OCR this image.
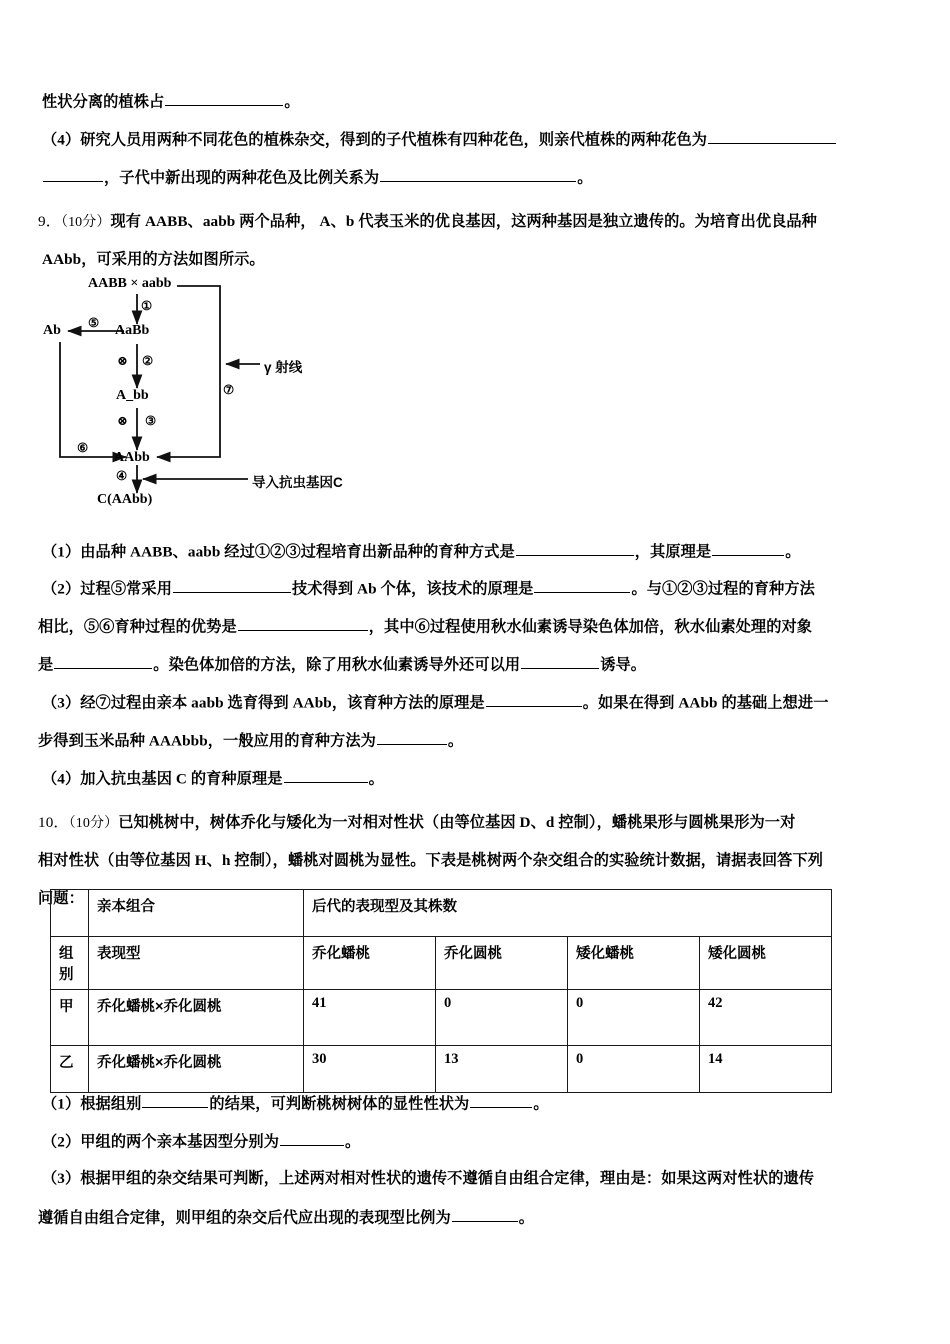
性状分离的植株占	。
（4）研究人员用两种不同花色的植株杂交，得到的子代植株有四种花色，则亲代植株的两种花色为
，子代中新出现的两种花色及比例关系为	。
9．（10分）现有 AABB、aabb 两个品种， A、b 代表玉米的优良基因，这两种基因是独立遗传的。为培育出优良品种
AAbb，可采用的方法如图所示。
AABB × aabb
AaBb
Ab
A_bb
AAbb
C(AAbb)
①
②
③
④
⑤
⑥
⑦
⊗
⊗
γ 射线
导入抗虫基因C
（1）由品种 AABB、aabb 经过①②③过程培育出新品种的育种方式是	，其原理是	。
（2）过程⑤常采用	技术得到 Ab 个体，该技术的原理是	。与①②③过程的育种方法
相比，⑤⑥育种过程的优势是	，其中⑥过程使用秋水仙素诱导染色体加倍，秋水仙素处理的对象
是	。染色体加倍的方法，除了用秋水仙素诱导外还可以用	诱导。
（3）经⑦过程由亲本 aabb 选育得到 AAbb，该育种方法的原理是	。如果在得到 AAbb 的基础上想进一
步得到玉米品种 AAAbbb，一般应用的育种方法为	。
（4）加入抗虫基因 C 的育种原理是	。
10．（10分）已知桃树中，树体乔化与矮化为一对相对性状（由等位基因 D、d 控制），蟠桃果形与圆桃果形为一对
相对性状（由等位基因 H、h 控制），蟠桃对圆桃为显性。下表是桃树两个杂交组合的实验统计数据，请据表回答下列
问题：
	亲本组合	后代的表现型及其株数			
组别	表现型	乔化蟠桃	乔化圆桃	矮化蟠桃	矮化圆桃
甲	乔化蟠桃×乔化圆桃	41	0	0	42
乙	乔化蟠桃×乔化圆桃	30	13	0	14
（1）根据组别	的结果，可判断桃树树体的显性性状为	。
（2）甲组的两个亲本基因型分别为	。
（3）根据甲组的杂交结果可判断，上述两对相对性状的遗传不遵循自由组合定律，理由是：如果这两对性状的遗传
遵循自由组合定律，则甲组的杂交后代应出现的表现型比例为	。
